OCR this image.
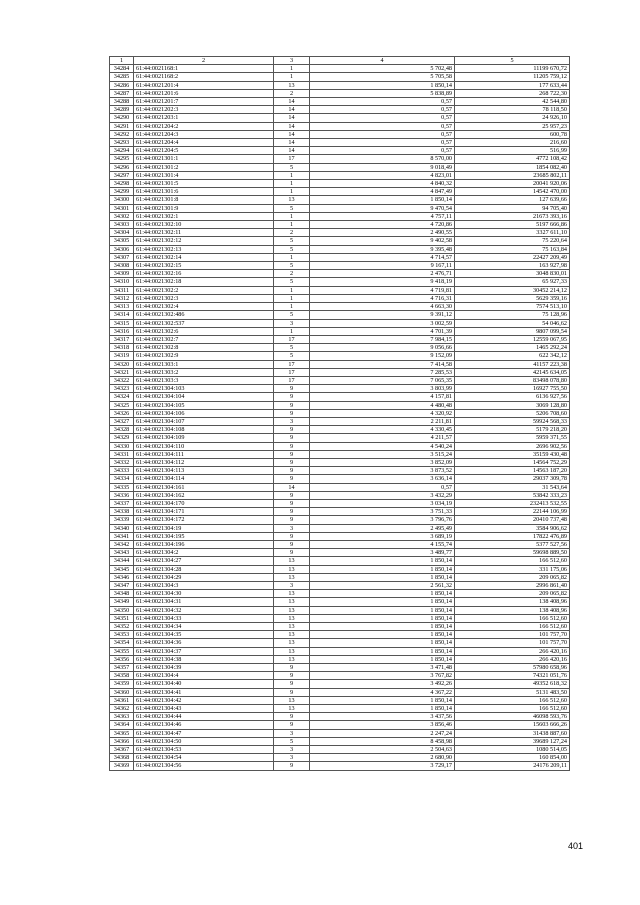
1	2	3	4	5
34284	61:44:0021168:1	1	5 702,48	11199 670,72
34285	61:44:0021168:2	1	5 705,58	11205 759,12
34286	61:44:0021201:4	13	1 850,14	177 633,44
34287	61:44:0021201:6	2	5 838,89	268 722,30
34288	61:44:0021201:7	14	0,57	42 544,80
34289	61:44:0021202:3	14	0,57	78 118,50
34290	61:44:0021203:1	14	0,57	24 926,10
34291	61:44:0021204:2	14	0,57	25 957,23
34292	61:44:0021204:3	14	0,57	600,78
34293	61:44:0021204:4	14	0,57	216,60
34294	61:44:0021204:5	14	0,57	516,99
34295	61:44:0021301:1	17	8 570,00	4772 108,42
34296	61:44:0021301:2	5	9 018,49	1854 082,40
34297	61:44:0021301:4	1	4 823,01	23685 802,11
34298	61:44:0021301:5	1	4 840,32	20041 920,06
34299	61:44:0021301:6	1	4 847,49	14542 470,00
34300	61:44:0021301:8	13	1 850,14	127 639,66
34301	61:44:0021301:9	5	9 470,54	94 705,40
34302	61:44:0021302:1	1	4 757,11	21673 393,16
34303	61:44:0021302:10	1	4 720,86	5197 666,86
34304	61:44:0021302:11	2	2 490,55	3327 611,10
34305	61:44:0021302:12	5	9 402,58	75 220,64
34306	61:44:0021302:13	5	9 395,48	75 163,84
34307	61:44:0021302:14	1	4 714,57	22427 209,49
34308	61:44:0021302:15	5	9 167,11	163 927,98
34309	61:44:0021302:16	2	2 476,71	3048 830,01
34310	61:44:0021302:18	5	9 418,19	65 927,33
34311	61:44:0021302:2	1	4 719,81	30452 214,12
34312	61:44:0021302:3	1	4 716,31	5629 359,16
34313	61:44:0021302:4	1	4 663,30	7574 513,10
34314	61:44:0021302:486	5	9 391,12	75 128,96
34315	61:44:0021302:537	3	3 002,59	54 046,62
34316	61:44:0021302:6	1	4 701,39	9807 099,54
34317	61:44:0021302:7	17	7 984,15	12559 067,95
34318	61:44:0021302:8	5	9 056,66	1465 292,24
34319	61:44:0021302:9	5	9 152,09	622 342,12
34320	61:44:0021303:1	17	7 414,58	41157 223,38
34321	61:44:0021303:2	17	7 285,53	42145 634,05
34322	61:44:0021303:3	17	7 065,35	83498 078,80
34323	61:44:0021304:103	9	3 803,99	16927 755,50
34324	61:44:0021304:104	9	4 157,81	6136 927,56
34325	61:44:0021304:105	9	4 480,48	3069 128,80
34326	61:44:0021304:106	9	4 320,92	5206 708,60
34327	61:44:0021304:107	3	2 211,81	59924 568,33
34328	61:44:0021304:108	9	4 330,45	5179 218,20
34329	61:44:0021304:109	9	4 211,57	5959 371,55
34330	61:44:0021304:110	9	4 540,24	2696 902,56
34331	61:44:0021304:111	9	3 515,24	35159 430,48
34332	61:44:0021304:112	9	3 852,09	14564 752,29
34333	61:44:0021304:113	9	3 873,52	14563 187,20
34334	61:44:0021304:114	9	3 636,14	29037 309,78
34335	61:44:0021304:161	14	0,57	31 543,64
34336	61:44:0021304:162	9	3 432,29	53842 333,23
34337	61:44:0021304:170	9	3 034,19	232413 532,55
34338	61:44:0021304:171	9	3 751,33	22144 106,99
34339	61:44:0021304:172	9	3 796,76	20410 737,48
34340	61:44:0021304:19	3	2 495,49	3584 906,62
34341	61:44:0021304:195	9	3 689,19	17822 476,89
34342	61:44:0021304:196	9	4 155,74	5377 527,56
34343	61:44:0021304:2	9	3 489,77	59698 889,50
34344	61:44:0021304:27	13	1 850,14	166 512,60
34345	61:44:0021304:28	13	1 850,14	331 175,06
34346	61:44:0021304:29	13	1 850,14	209 065,82
34347	61:44:0021304:3	3	2 561,32	2996 861,40
34348	61:44:0021304:30	13	1 850,14	209 065,82
34349	61:44:0021304:31	13	1 850,14	138 408,96
34350	61:44:0021304:32	13	1 850,14	138 408,96
34351	61:44:0021304:33	13	1 850,14	166 512,60
34352	61:44:0021304:34	13	1 850,14	166 512,60
34353	61:44:0021304:35	13	1 850,14	101 757,70
34354	61:44:0021304:36	13	1 850,14	101 757,70
34355	61:44:0021304:37	13	1 850,14	266 420,16
34356	61:44:0021304:38	13	1 850,14	266 420,16
34357	61:44:0021304:39	9	3 471,48	57980 658,96
34358	61:44:0021304:4	9	3 767,82	74321 051,76
34359	61:44:0021304:40	9	3 492,26	49352 618,32
34360	61:44:0021304:41	9	4 367,22	5131 483,50
34361	61:44:0021304:42	13	1 850,14	166 512,60
34362	61:44:0021304:43	13	1 850,14	166 512,60
34363	61:44:0021304:44	9	3 437,56	46098 593,76
34364	61:44:0021304:46	9	3 856,46	15603 666,26
34365	61:44:0021304:47	3	2 247,24	31438 887,60
34366	61:44:0021304:50	5	8 458,98	39689 127,24
34367	61:44:0021304:53	3	2 504,63	1080 514,05
34368	61:44:0021304:54	3	2 680,90	160 854,00
34369	61:44:0021304:56	9	3 729,17	24176 209,11
401
